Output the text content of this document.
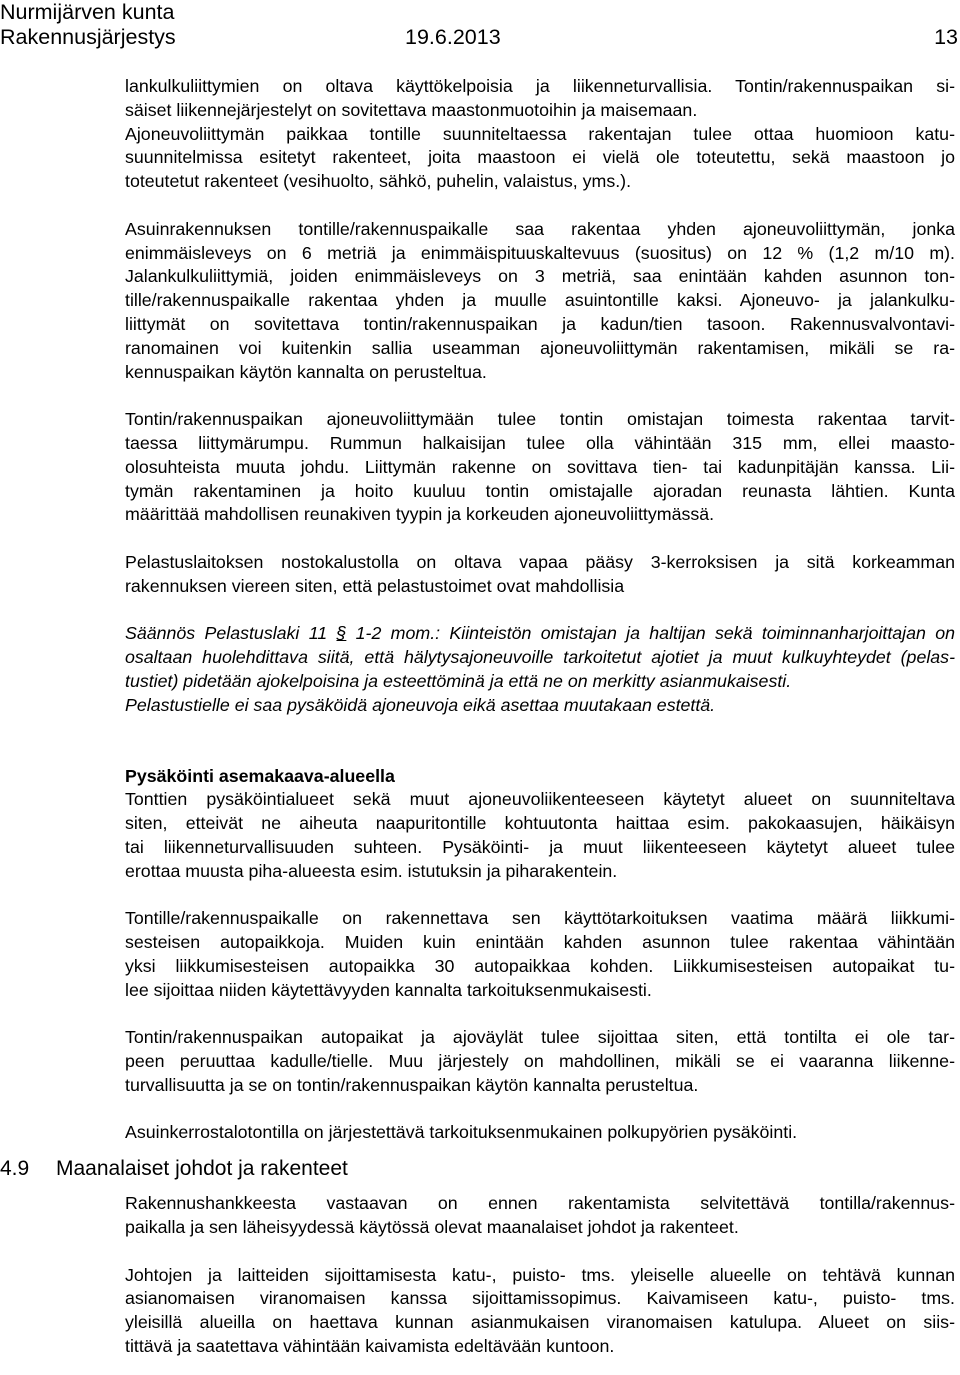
Nurmijärven kunta
Rakennusjärjestys	19.6.2013	13

lankulkuliittymien on oltava käyttökelpoisia ja liikenneturvallisia. Tontin/rakennuspaikan si-
säiset liikennejärjestelyt on sovitettava maastonmuotoihin ja maisemaan.
Ajoneuvoliittymän paikkaa tontille suunniteltaessa rakentajan tulee ottaa huomioon katu-
suunnitelmissa esitetyt rakenteet, joita maastoon ei vielä ole toteutettu, sekä maastoon jo
toteutetut rakenteet (vesihuolto, sähkö, puhelin, valaistus, yms.).

Asuinrakennuksen tontille/rakennuspaikalle saa rakentaa yhden ajoneuvoliittymän, jonka
enimmäisleveys on 6 metriä ja enimmäispituuskaltevuus (suositus) on 12 % (1,2 m/10 m).
Jalankulkuliittymiä, joiden enimmäisleveys on 3 metriä, saa enintään kahden asunnon ton-
tille/rakennuspaikalle rakentaa yhden ja muulle asuintontille kaksi. Ajoneuvo- ja jalankulku-
liittymät on sovitettava tontin/rakennuspaikan ja kadun/tien tasoon. Rakennusvalvontavi-
ranomainen voi kuitenkin sallia useamman ajoneuvoliittymän rakentamisen, mikäli se ra-
kennuspaikan käytön kannalta on perusteltua.

Tontin/rakennuspaikan ajoneuvoliittymään tulee tontin omistajan toimesta rakentaa tarvit-
taessa liittymärumpu. Rummun halkaisijan tulee olla vähintään 315 mm, ellei maasto-
olosuhteista muuta johdu. Liittymän rakenne on sovittava tien- tai kadunpitäjän kanssa. Lii-
tymän rakentaminen ja hoito kuuluu tontin omistajalle ajoradan reunasta lähtien. Kunta
määrittää mahdollisen reunakiven tyypin ja korkeuden ajoneuvoliittymässä.

Pelastuslaitoksen nostokalustolla on oltava vapaa pääsy 3-kerroksisen ja sitä korkeamman
rakennuksen viereen siten, että pelastustoimet ovat mahdollisia

Säännös Pelastuslaki 11 § 1-2 mom.: Kiinteistön omistajan ja haltijan sekä toiminnanharjoittajan on
osaltaan huolehdittava siitä, että hälytysajoneuvoille tarkoitetut ajotiet ja muut kulkuyhteydet (pelas-
tustiet) pidetään ajokelpoisina ja esteettöminä ja että ne on merkitty asianmukaisesti.
Pelastustielle ei saa pysäköidä ajoneuvoja eikä asettaa muutakaan estettä.

Pysäköinti asemakaava-alueella

Tonttien pysäköintialueet sekä muut ajoneuvoliikenteeseen käytetyt alueet on suunniteltava
siten, etteivät ne aiheuta naapuritontille kohtuutonta haittaa esim. pakokaasujen, häikäisyn
tai liikenneturvallisuuden suhteen. Pysäköinti- ja muut liikenteeseen käytetyt alueet tulee
erottaa muusta piha-alueesta esim. istutuksin ja piharakentein.

Tontille/rakennuspaikalle on rakennettava sen käyttötarkoituksen vaatima määrä liikkumi-
sesteisen autopaikkoja. Muiden kuin enintään kahden asunnon tulee rakentaa vähintään
yksi liikkumisesteisen autopaikka 30 autopaikkaa kohden. Liikkumisesteisen autopaikat tu-
lee sijoittaa niiden käytettävyyden kannalta tarkoituksenmukaisesti.

Tontin/rakennuspaikan autopaikat ja ajoväylät tulee sijoittaa siten, että tontilta ei ole tar-
peen peruuttaa kadulle/tielle. Muu järjestely on mahdollinen, mikäli se ei vaaranna liikenne-
turvallisuutta ja se on tontin/rakennuspaikan käytön kannalta perusteltua.

Asuinkerrostalotontilla on järjestettävä tarkoituksenmukainen polkupyörien pysäköinti.

Rakennushankkeesta vastaavan on ennen rakentamista selvitettävä tontilla/rakennus-
paikalla ja sen läheisyydessä käytössä olevat maanalaiset johdot ja rakenteet.

Johtojen ja laitteiden sijoittamisesta katu-, puisto- tms. yleiselle alueelle on tehtävä kunnan
asianomaisen viranomaisen kanssa sijoittamissopimus. Kaivamiseen katu-, puisto- tms.
yleisillä alueilla on haettava kunnan asianmukaisen viranomaisen katulupa. Alueet on siis-
tittävä ja saatettava vähintään kaivamista edeltävään kuntoon.

4.9 Maanalaiset johdot ja rakenteet
